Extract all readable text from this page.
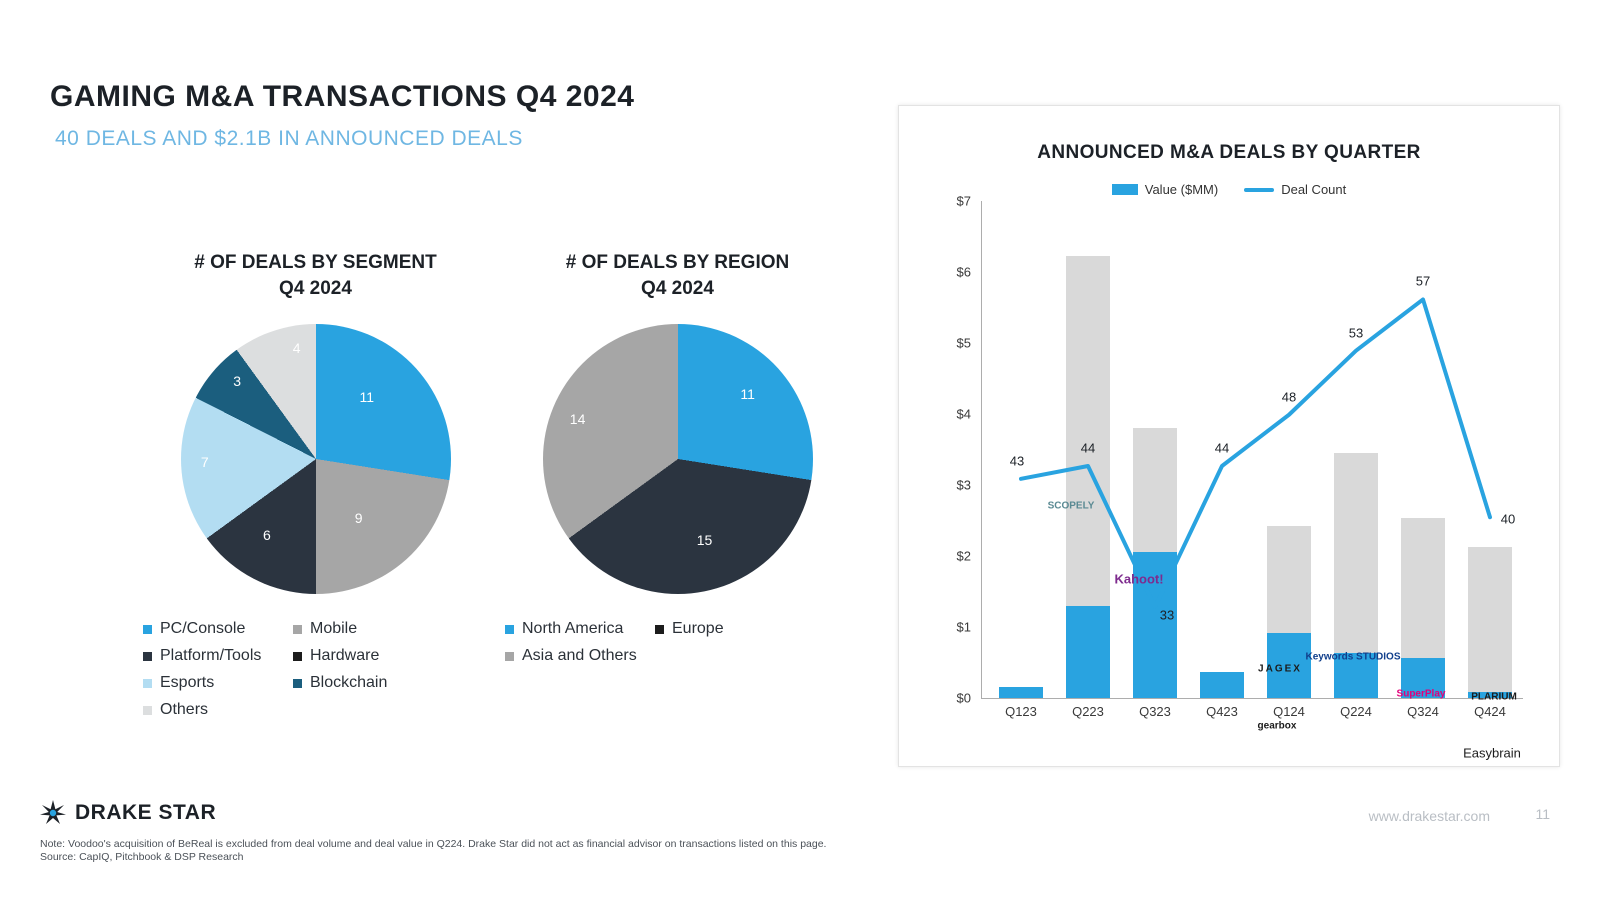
GAMING M&A TRANSACTIONS Q4 2024
40 DEALS AND $2.1B IN ANNOUNCED DEALS
# OF DEALS BY SEGMENT
Q4 2024
11
9
6
7
3
4
PC/Console
Platform/Tools
Esports
Others
Mobile
Hardware
Blockchain
# OF DEALS BY REGION
Q4 2024
11
15
14
North America
Asia and Others
Europe
ANNOUNCED M&A DEALS BY QUARTER
Value ($MM)	Deal Count
$0
$1
$2
$3
$4
$5
$6
$7
43
44
33
44
48
53
57
40
SCOPELY
Kahoot!
JAGEX
gearbox
Keywords STUDIOS
SuperPlay	PLARIUM
Easybrain
Q123	Q223	Q323	Q423	Q124	Q224	Q324	Q424
DRAKE STAR	www.drakestar.com	11
Note: Voodoo's acquisition of BeReal is excluded from deal volume and deal value in Q224. Drake Star did not act as financial advisor on transactions listed on this page.
Source: CapIQ, Pitchbook & DSP Research
